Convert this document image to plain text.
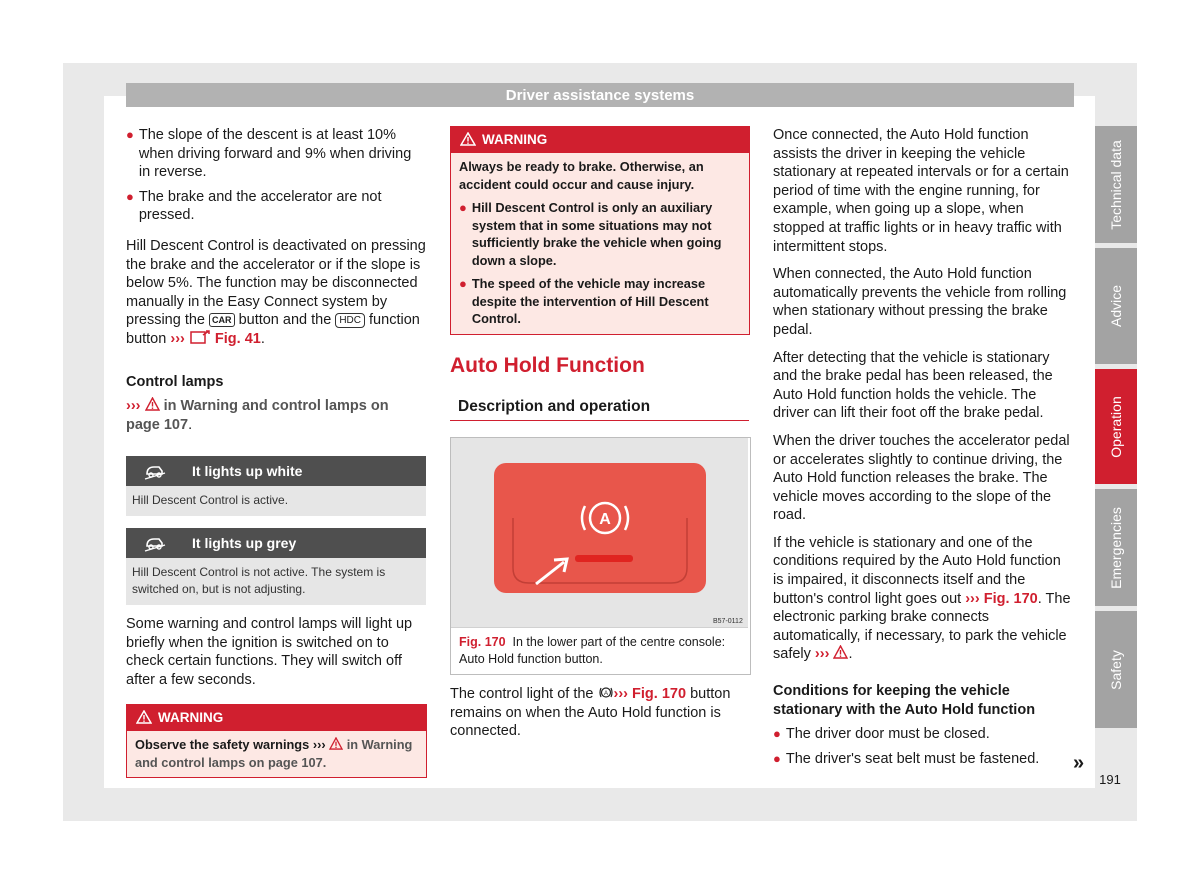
Driver assistance systems
● The slope of the descent is at least 10% when driving forward and 9% when driving in reverse.
● The brake and the accelerator are not pressed.

Hill Descent Control is deactivated on pressing the brake and the accelerator or if the slope is below 5%. The function may be disconnected manually in the Easy Connect system by pressing the CAR button and the HDC function button ››› Fig. 41.

Control lamps

››› in Warning and control lamps on page 107.

It lights up white
Hill Descent Control is active.
It lights up grey
Hill Descent Control is not active. The system is switched on, but is not adjusting.

Some warning and control lamps will light up briefly when the ignition is switched on to check certain functions. They will switch off after a few seconds.

WARNING
Observe the safety warnings ››› in Warning and control lamps on page 107.
WARNING
Always be ready to brake. Otherwise, an accident could occur and cause injury.
● Hill Descent Control is only an auxiliary system that in some situations may not sufficiently brake the vehicle when going down a slope.
● The speed of the vehicle may increase despite the intervention of Hill Descent Control.
Auto Hold Function
Description and operation
A
B57-0112
Fig. 170 In the lower part of the centre console: Auto Hold function button.

The control light of the A ››› Fig. 170 button remains on when the Auto Hold function is connected.

Once connected, the Auto Hold function assists the driver in keeping the vehicle stationary at repeated intervals or for a certain period of time with the engine running, for example, when going up a slope, when stopped at traffic lights or in heavy traffic with intermittent stops.

When connected, the Auto Hold function automatically prevents the vehicle from rolling when stationary without pressing the brake pedal.

After detecting that the vehicle is stationary and the brake pedal has been released, the Auto Hold function holds the vehicle. The driver can lift their foot off the brake pedal.

When the driver touches the accelerator pedal or accelerates slightly to continue driving, the Auto Hold function releases the brake. The vehicle moves according to the slope of the road.

If the vehicle is stationary and one of the conditions required by the Auto Hold function is impaired, it disconnects itself and the button's control light goes out ››› Fig. 170. The electronic parking brake connects automatically, if necessary, to park the vehicle safely ››› .

Conditions for keeping the vehicle stationary with the Auto Hold function
● The driver door must be closed.
● The driver's seat belt must be fastened. »
Technical data
Advice
Operation
Emergencies
Safety
191
